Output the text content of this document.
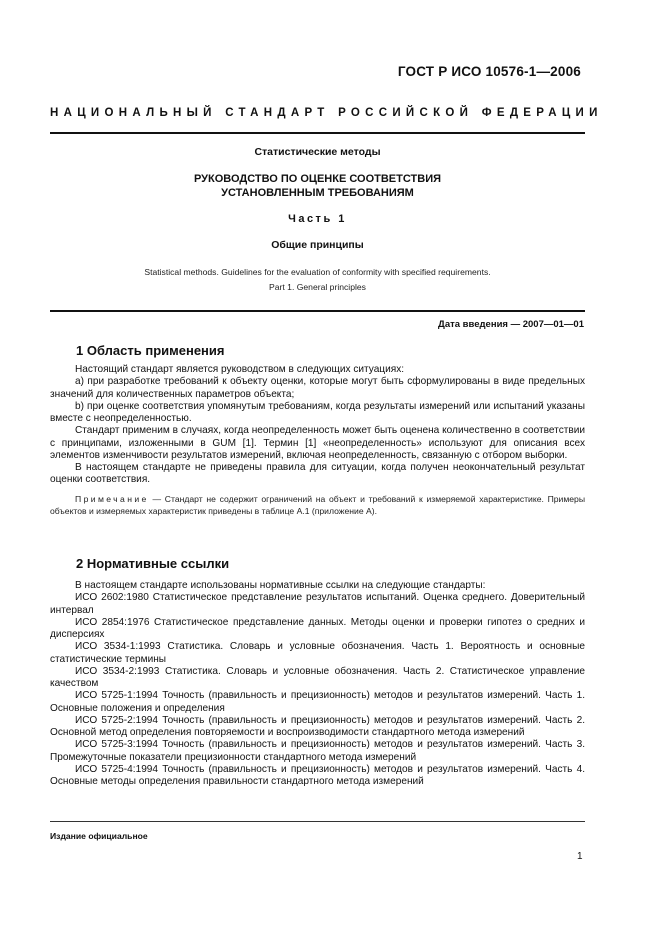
ГОСТ Р ИСО 10576-1—2006
НАЦИОНАЛЬНЫЙ СТАНДАРТ РОССИЙСКОЙ ФЕДЕРАЦИИ
Статистические методы
РУКОВОДСТВО ПО ОЦЕНКЕ СООТВЕТСТВИЯ
УСТАНОВЛЕННЫМ ТРЕБОВАНИЯМ
Часть 1
Общие принципы
Statistical methods. Guidelines for the evaluation of conformity with specified requirements.
Part 1. General principles
Дата введения — 2007—01—01
1 Область применения

Настоящий стандарт является руководством в следующих ситуациях:

a) при разработке требований к объекту оценки, которые могут быть сформулированы в виде предельных значений для количественных параметров объекта;

b) при оценке соответствия упомянутым требованиям, когда результаты измерений или испытаний указаны вместе с неопределенностью.

Стандарт применим в случаях, когда неопределенность может быть оценена количественно в соответствии с принципами, изложенными в GUM [1]. Термин [1] «неопределенность» используют для описания всех элементов изменчивости результатов измерений, включая неопределенность, связанную с отбором выборки.

В настоящем стандарте не приведены правила для ситуации, когда получен неокончательный результат оценки соответствия.

Примечание — Стандарт не содержит ограничений на объект и требований к измеряемой характеристике. Примеры объектов и измеряемых характеристик приведены в таблице А.1 (приложение А).

2 Нормативные ссылки

В настоящем стандарте использованы нормативные ссылки на следующие стандарты:

ИСО 2602:1980 Статистическое представление результатов испытаний. Оценка среднего. Доверительный интервал

ИСО 2854:1976 Статистическое представление данных. Методы оценки и проверки гипотез о средних и дисперсиях

ИСО 3534-1:1993 Статистика. Словарь и условные обозначения. Часть 1. Вероятность и основные статистические термины

ИСО 3534-2:1993 Статистика. Словарь и условные обозначения. Часть 2. Статистическое управление качеством

ИСО 5725-1:1994 Точность (правильность и прецизионность) методов и результатов измерений. Часть 1. Основные положения и определения

ИСО 5725-2:1994 Точность (правильность и прецизионность) методов и результатов измерений. Часть 2. Основной метод определения повторяемости и воспроизводимости стандартного метода измерений

ИСО 5725-3:1994 Точность (правильность и прецизионность) методов и результатов измерений. Часть 3. Промежуточные показатели прецизионности стандартного метода измерений

ИСО 5725-4:1994 Точность (правильность и прецизионность) методов и результатов измерений. Часть 4. Основные методы определения правильности стандартного метода измерений

Издание официальное
1
